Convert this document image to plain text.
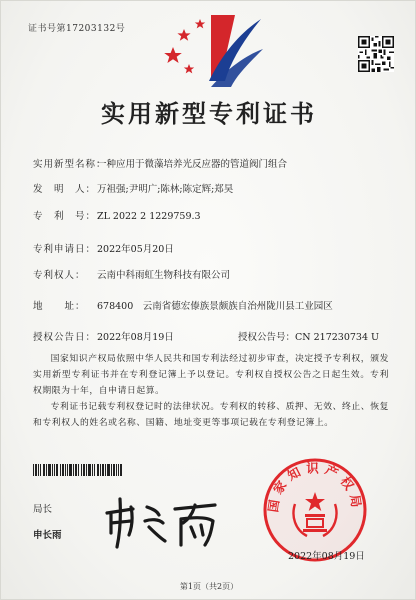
证书号第17203132号
实用新型专利证书
实用新型名称：一种应用于微藻培养光反应器的管道阀门组合
发　明　人：万祖强;尹明广;陈林;陈定辉;郑昊
专　利　号：ZL 2022 2 1229759.3
专利申请日：2022年05月20日
专利权人： 云南中科雨虹生物科技有限公司
地　　址： 678400　云南省德宏傣族景颇族自治州陇川县工业园区
授权公告日：2022年08月19日	授权公告号：CN 217230734 U
国家知识产权局依照中华人民共和国专利法经过初步审查，决定授予专利权，颁发实用新型专利证书并在专利登记簿上予以登记。专利权自授权公告之日起生效。专利权期限为十年，自申请日起算。
专利证书记载专利权登记时的法律状况。专利权的转移、质押、无效、终止、恢复和专利权人的姓名或名称、国籍、地址变更等事项记载在专利登记簿上。
局长
申长雨
国家知识产权局
2022年08月19日
第1页（共2页）
